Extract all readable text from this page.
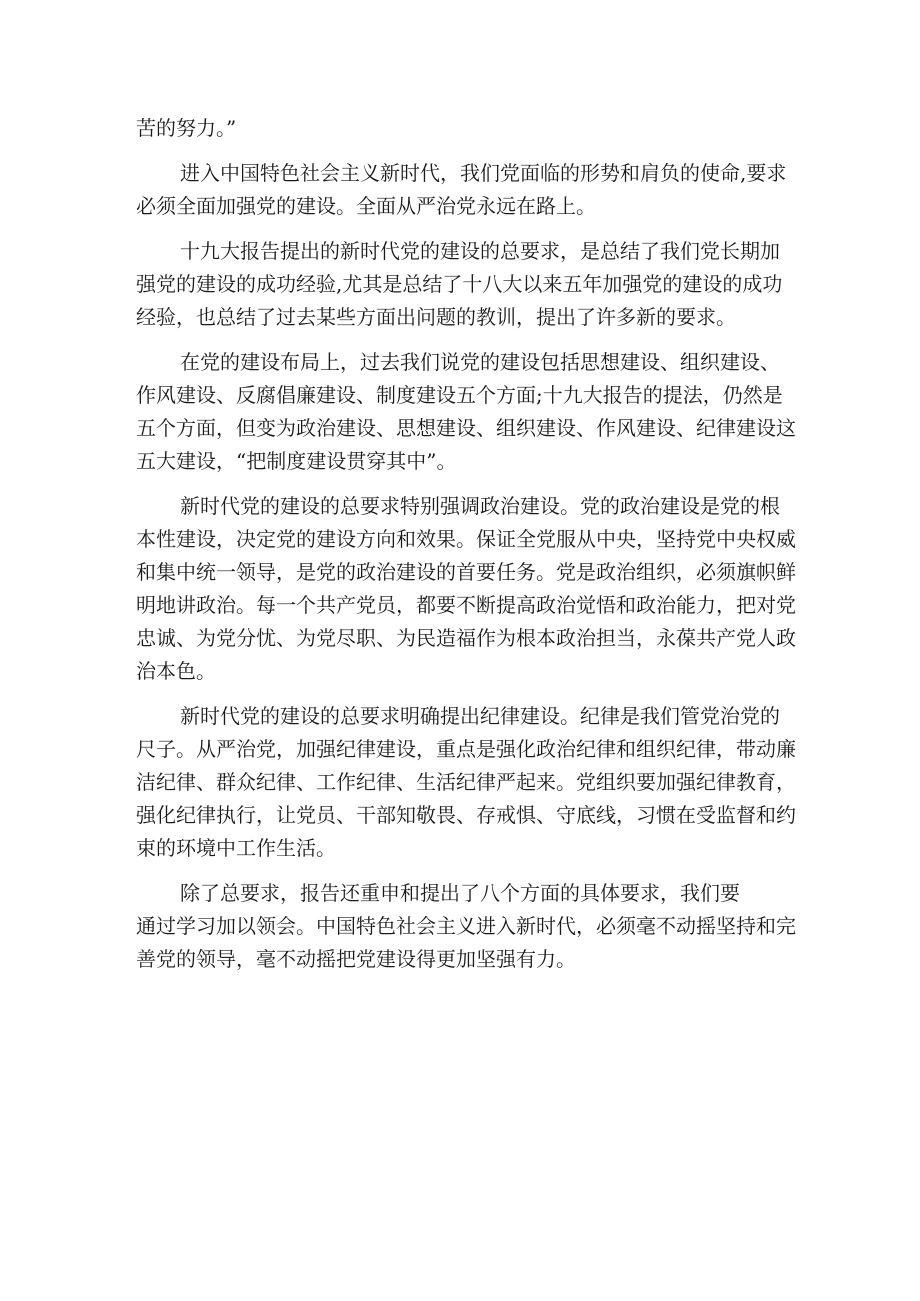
苦的努力。”
进入中国特色社会主义新时代，我们党面临的形势和肩负的使命,要求
必须全面加强党的建设。全面从严治党永远在路上。
十九大报告提出的新时代党的建设的总要求，是总结了我们党长期加
强党的建设的成功经验,尤其是总结了十八大以来五年加强党的建设的成功
经验，也总结了过去某些方面出问题的教训，提出了许多新的要求。
在党的建设布局上，过去我们说党的建设包括思想建设、组织建设、
作风建设、反腐倡廉建设、制度建设五个方面;十九大报告的提法，仍然是
五个方面，但变为政治建设、思想建设、组织建设、作风建设、纪律建设这
五大建设，“把制度建设贯穿其中”。
新时代党的建设的总要求特别强调政治建设。党的政治建设是党的根
本性建设，决定党的建设方向和效果。保证全党服从中央，坚持党中央权威
和集中统一领导，是党的政治建设的首要任务。党是政治组织，必须旗帜鲜
明地讲政治。每一个共产党员，都要不断提高政治觉悟和政治能力，把对党
忠诚、为党分忧、为党尽职、为民造福作为根本政治担当，永葆共产党人政
治本色。
新时代党的建设的总要求明确提出纪律建设。纪律是我们管党治党的
尺子。从严治党，加强纪律建设，重点是强化政治纪律和组织纪律，带动廉
洁纪律、群众纪律、工作纪律、生活纪律严起来。党组织要加强纪律教育，
强化纪律执行，让党员、干部知敬畏、存戒惧、守底线，习惯在受监督和约
束的环境中工作生活。
除了总要求，报告还重申和提出了八个方面的具体要求，我们要
通过学习加以领会。中国特色社会主义进入新时代，必须毫不动摇坚持和完
善党的领导，毫不动摇把党建设得更加坚强有力。
